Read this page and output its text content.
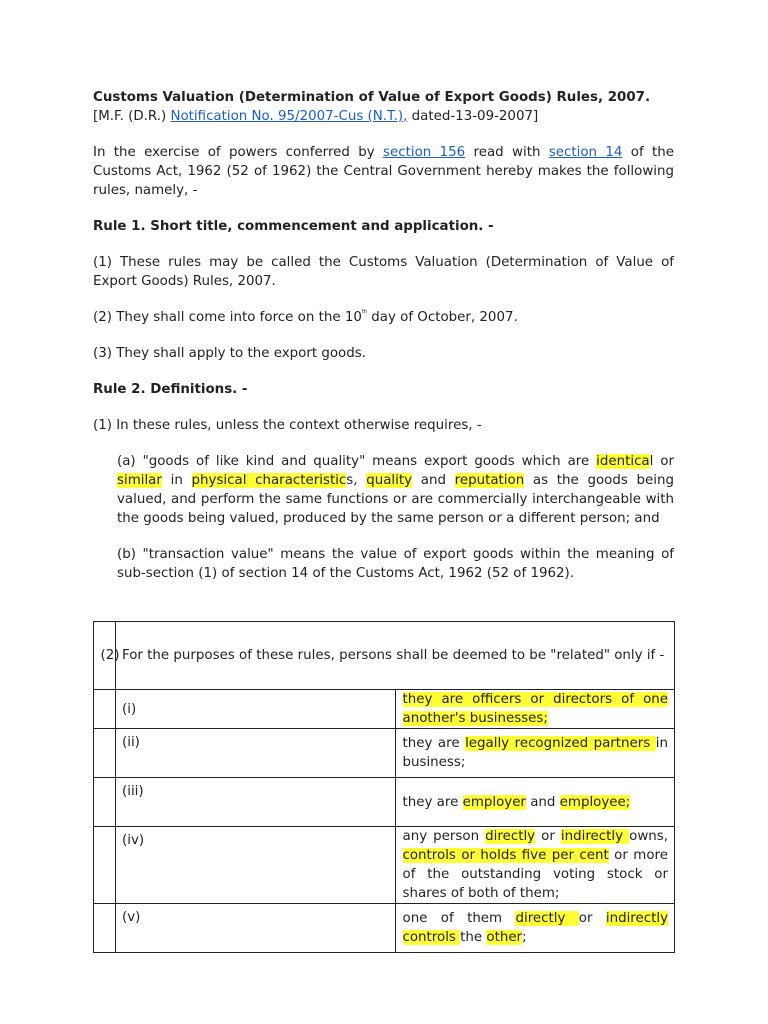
Customs Valuation (Determination of Value of Export Goods) Rules, 2007.

[M.F. (D.R.) Notification No. 95/2007-Cus (N.T.), dated-13-09-2007]

In the exercise of powers conferred by section 156 read with section 14 of the Customs Act, 1962 (52 of 1962) the Central Government hereby makes the following rules, namely, -

Rule 1. Short title, commencement and application. -

(1) These rules may be called the Customs Valuation (Determination of Value of Export Goods) Rules, 2007.

(2) They shall come into force on the 10th day of October, 2007.

(3) They shall apply to the export goods.

Rule 2. Definitions. -

(1) In these rules, unless the context otherwise requires, -

(a) "goods of like kind and quality" means export goods which are identical or similar in physical characteristics, quality and reputation as the goods being valued, and perform the same functions or are commercially interchangeable with the goods being valued, produced by the same person or a different person; and

(b) "transaction value" means the value of export goods within the meaning of sub-section (1) of section 14 of the Customs Act, 1962 (52 of 1962).

(2)	For the purposes of these rules, persons shall be deemed to be "related" only if -	
	(i)	they are officers or directors of one another's businesses;
	(ii)	they are legally recognized partners in business;
	(iii)	they are employer and employee;
	(iv)	any person directly or indirectly owns, controls or holds five per cent or more of the outstanding voting stock or shares of both of them;
	(v)	one of them directly or indirectly controls the other;
